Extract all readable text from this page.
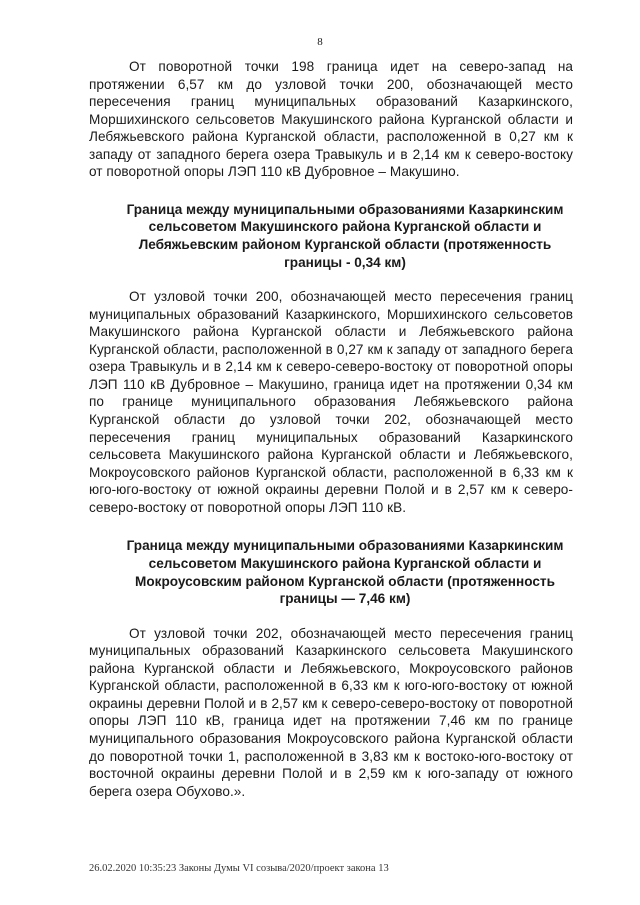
8

От поворотной точки 198 граница идет на северо-запад на протяжении 6,57 км до узловой точки 200, обозначающей место пересечения границ муниципальных образований Казаркинского, Моршихинского сельсоветов Макушинского района Курганской области и Лебяжьевского района Курганской области, расположенной в 0,27 км к западу от западного берега озера Травыкуль и в 2,14 км к северо-востоку от поворотной опоры ЛЭП 110 кВ Дубровное – Макушино.

Граница между муниципальными образованиями Казаркинским сельсоветом Макушинского района Курганской области и Лебяжьевским районом Курганской области (протяженность границы - 0,34 км)

От узловой точки 200, обозначающей место пересечения границ муниципальных образований Казаркинского, Моршихинского сельсоветов Макушинского района Курганской области и Лебяжьевского района Курганской области, расположенной в 0,27 км к западу от западного берега озера Травыкуль и в 2,14 км к северо-северо-востоку от поворотной опоры ЛЭП 110 кВ Дубровное – Макушино, граница идет на протяжении 0,34 км по границе муниципального образования Лебяжьевского района Курганской области до узловой точки 202, обозначающей место пересечения границ муниципальных образований Казаркинского сельсовета Макушинского района Курганской области и Лебяжьевского, Мокроусовского районов Курганской области, расположенной в 6,33 км к юго-юго-востоку от южной окраины деревни Полой и в 2,57 км к северо-северо-востоку от поворотной опоры ЛЭП 110 кВ.

Граница между муниципальными образованиями Казаркинским сельсоветом Макушинского района Курганской области и Мокроусовским районом Курганской области (протяженность границы — 7,46 км)

От узловой точки 202, обозначающей место пересечения границ муниципальных образований Казаркинского сельсовета Макушинского района Курганской области и Лебяжьевского, Мокроусовского районов Курганской области, расположенной в 6,33 км к юго-юго-востоку от южной окраины деревни Полой и в 2,57 км к северо-северо-востоку от поворотной опоры ЛЭП 110 кВ, граница идет на протяжении 7,46 км по границе муниципального образования Мокроусовского района Курганской области до поворотной точки 1, расположенной в 3,83 км к востоко-юго-востоку от восточной окраины деревни Полой и в 2,59 км к юго-западу от южного берега озера Обухово.».

26.02.2020 10:35:23 Законы Думы VI созыва/2020/проект закона 13
